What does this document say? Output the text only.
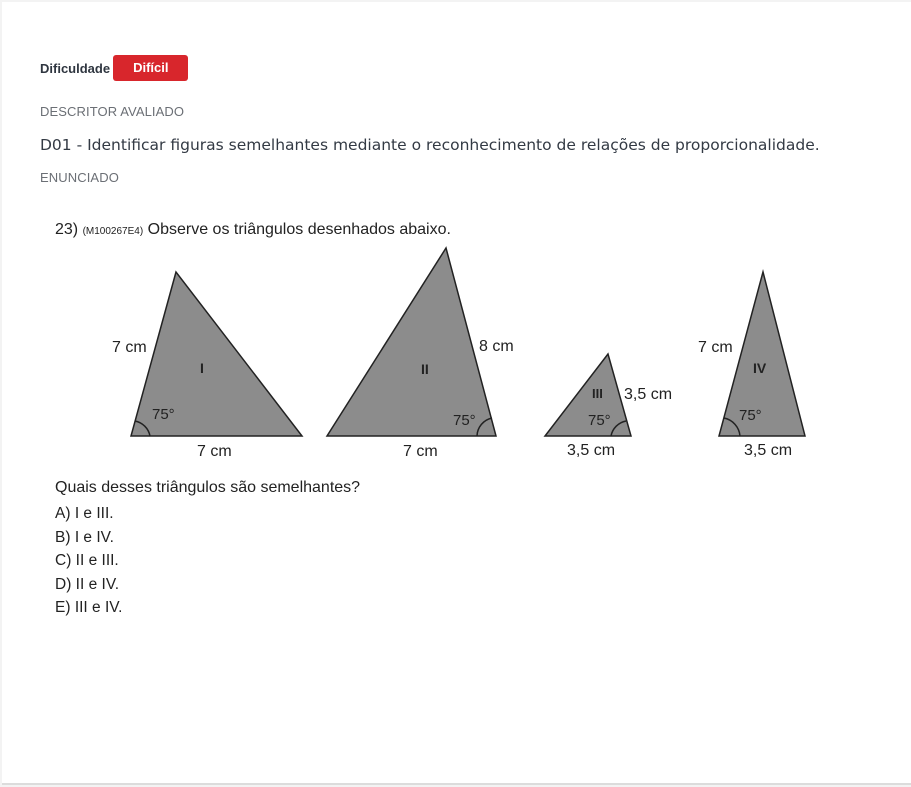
Dificuldade	Difícil
DESCRITOR AVALIADO
D01 - Identificar figuras semelhantes mediante o reconhecimento de relações de proporcionalidade.
ENUNCIADO
23) (M100267E4) Observe os triângulos desenhados abaixo.
I
7 cm
75°
7 cm
II
8 cm
75°
7 cm
III 3,5 cm
75°
3,5 cm
IV
7 cm
75°
3,5 cm
Quais desses triângulos são semelhantes?
A) I e III.
B) I e IV.
C) II e III.
D) II e IV.
E) III e IV.
